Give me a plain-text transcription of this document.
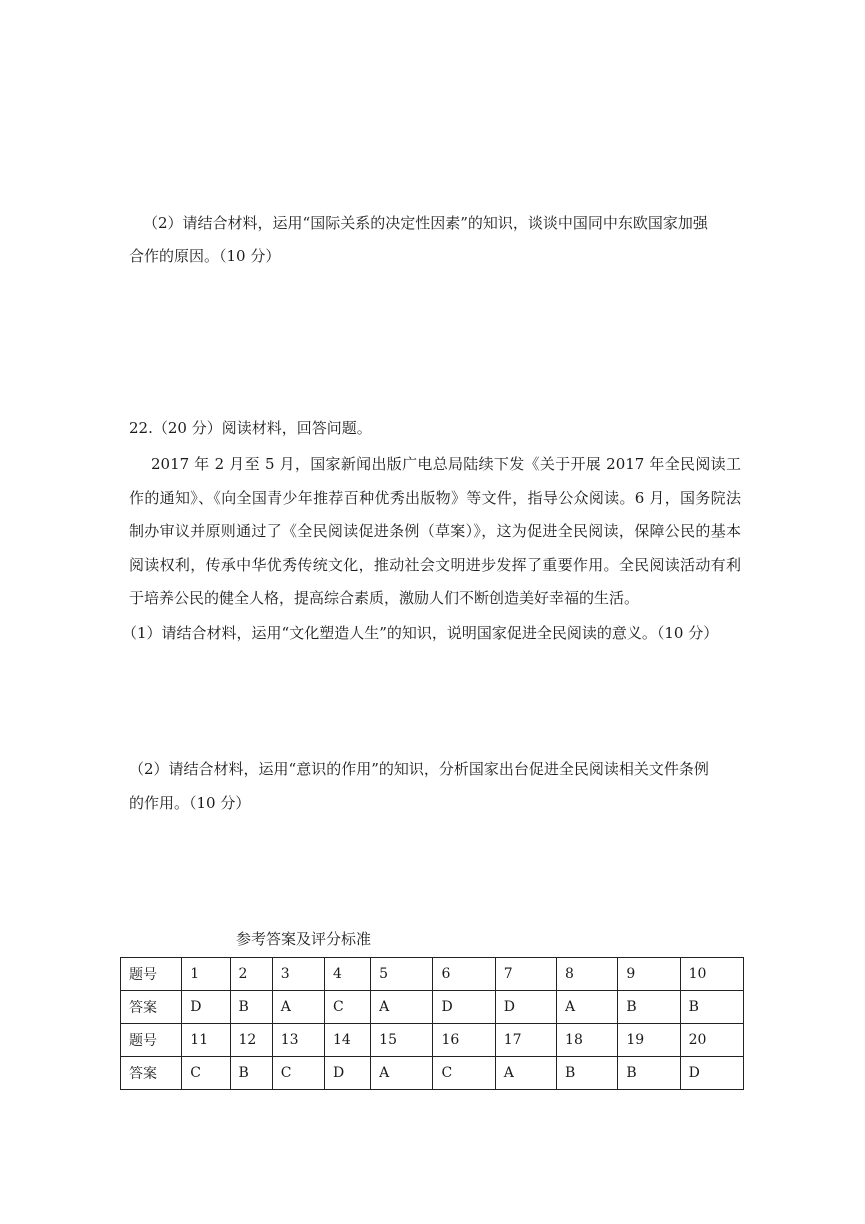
（2）请结合材料，运用“国际关系的决定性因素”的知识，谈谈中国同中东欧国家加强
合作的原因。（10 分）
22.（20 分）阅读材料，回答问题。
2017 年 2 月至 5 月，国家新闻出版广电总局陆续下发《关于开展 2017 年全民阅读工作的通知》、《向全国青少年推荐百种优秀出版物》等文件，指导公众阅读。6 月，国务院法制办审议并原则通过了《全民阅读促进条例（草案）》，这为促进全民阅读，保障公民的基本阅读权利，传承中华优秀传统文化，推动社会文明进步发挥了重要作用。全民阅读活动有利于培养公民的健全人格，提高综合素质，激励人们不断创造美好幸福的生活。
（1）请结合材料，运用“文化塑造人生”的知识，说明国家促进全民阅读的意义。（10 分）
（2）请结合材料，运用“意识的作用”的知识，分析国家出台促进全民阅读相关文件条例
的作用。（10 分）
参考答案及评分标准
题号	1	2	3	4	5	6	7	8	9	10
答案	D	B	A	C	A	D	D	A	B	B
题号	11	12	13	14	15	16	17	18	19	20
答案	C	B	C	D	A	C	A	B	B	D
